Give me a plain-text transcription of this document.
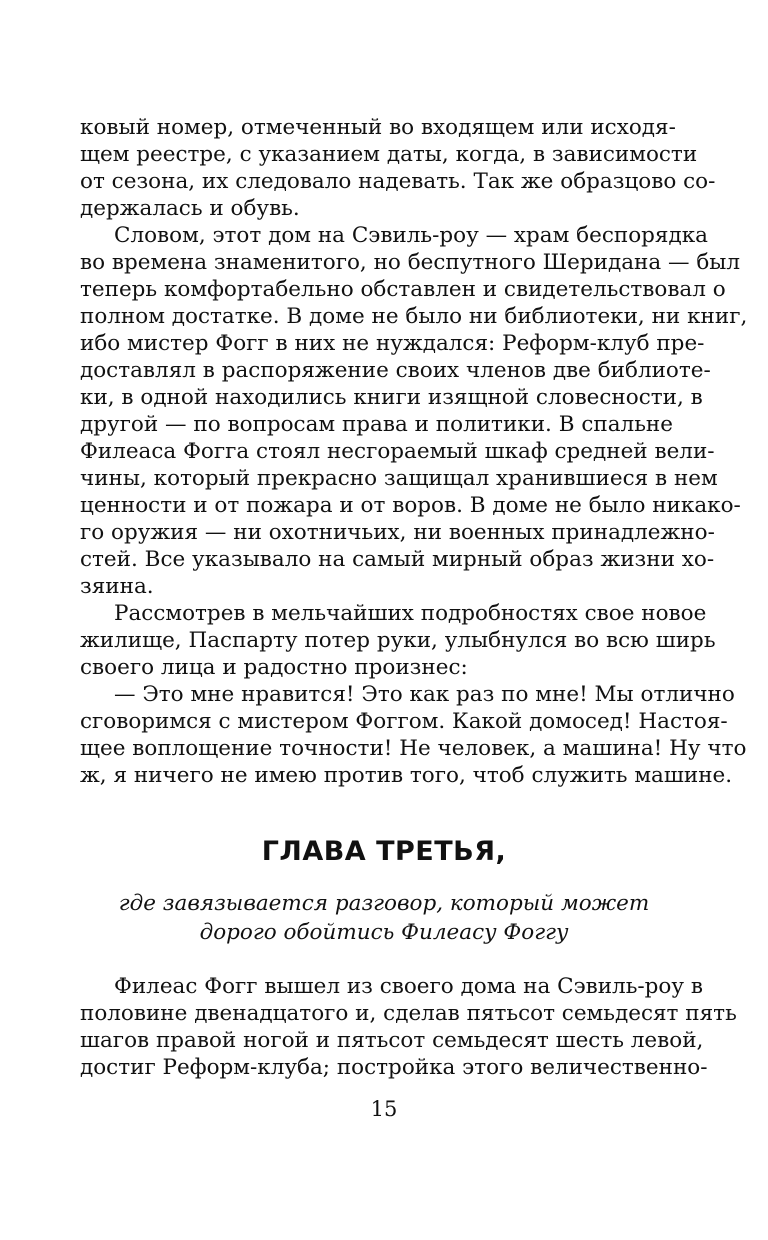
ковый номер, отмеченный во входящем или исходя-
щем реестре, с указанием даты, когда, в зависимости
от сезона, их следовало надевать. Так же образцово со-
держалась и обувь.
Словом, этот дом на Сэвиль-роу — храм беспорядка
во времена знаменитого, но беспутного Шеридана — был
теперь комфортабельно обставлен и свидетельствовал о
полном достатке. В доме не было ни библиотеки, ни книг,
ибо мистер Фогг в них не нуждался: Реформ-клуб пре-
доставлял в распоряжение своих членов две библиоте-
ки, в одной находились книги изящной словесности, в
другой — по вопросам права и политики. В спальне
Филеаса Фогга стоял несгораемый шкаф средней вели-
чины, который прекрасно защищал хранившиеся в нем
ценности и от пожара и от воров. В доме не было никако-
го оружия — ни охотничьих, ни военных принадлежно-
стей. Все указывало на самый мирный образ жизни хо-
зяина.
Рассмотрев в мельчайших подробностях свое новое
жилище, Паспарту потер руки, улыбнулся во всю ширь
своего лица и радостно произнес:
— Это мне нравится! Это как раз по мне! Мы отлично
сговоримся с мистером Фоггом. Какой домосед! Настоя-
щее воплощение точности! Не человек, а машина! Ну что
ж, я ничего не имею против того, чтоб служить машине.
ГЛАВА ТРЕТЬЯ,
где завязывается разговор, который может
дорого обойтись Филеасу Фоггу
Филеас Фогг вышел из своего дома на Сэвиль-роу в
половине двенадцатого и, сделав пятьсот семьдесят пять
шагов правой ногой и пятьсот семьдесят шесть левой,
достиг Реформ-клуба; постройка этого величественно-
15
